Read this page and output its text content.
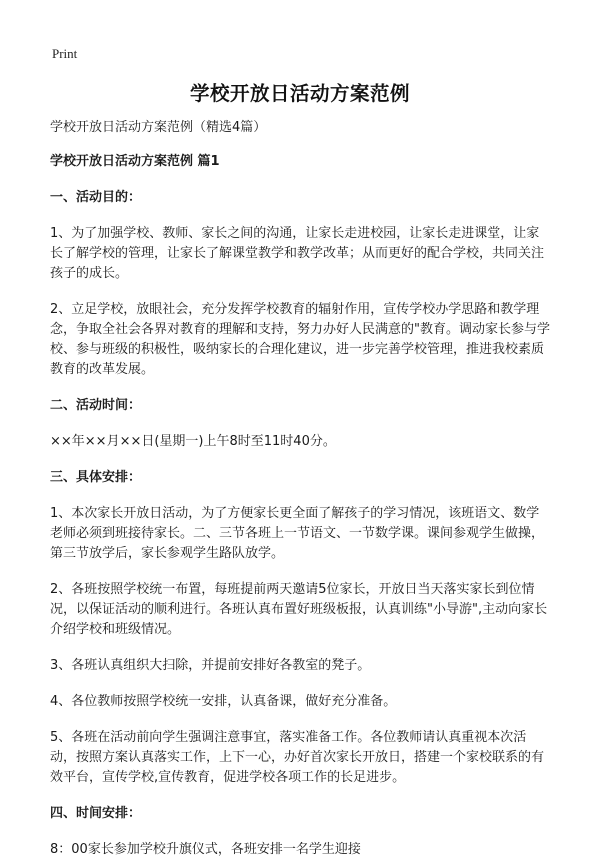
Print
学校开放日活动方案范例

学校开放日活动方案范例（精选4篇）

学校开放日活动方案范例 篇1

一、活动目的：

1、为了加强学校、教师、家长之间的沟通，让家长走进校园，让家长走进课堂，让家长了解学校的管理，让家长了解课堂教学和教学改革；从而更好的配合学校，共同关注孩子的成长。

2、立足学校，放眼社会，充分发挥学校教育的辐射作用，宣传学校办学思路和教学理念，争取全社会各界对教育的理解和支持，努力办好人民满意的"教育。调动家长参与学校、参与班级的积极性，吸纳家长的合理化建议，进一步完善学校管理，推进我校素质教育的改革发展。

二、活动时间：

××年××月××日(星期一)上午8时至11时40分。

三、具体安排：

1、本次家长开放日活动，为了方便家长更全面了解孩子的学习情况，该班语文、数学老师必须到班接待家长。二、三节各班上一节语文、一节数学课。课间参观学生做操，第三节放学后，家长参观学生路队放学。

2、各班按照学校统一布置，每班提前两天邀请5位家长，开放日当天落实家长到位情况，以保证活动的顺利进行。各班认真布置好班级板报，认真训练"小导游",主动向家长介绍学校和班级情况。

3、各班认真组织大扫除，并提前安排好各教室的凳子。

4、各位教师按照学校统一安排，认真备课，做好充分准备。

5、各班在活动前向学生强调注意事宜，落实准备工作。各位教师请认真重视本次活动，按照方案认真落实工作，上下一心，办好首次家长开放日，搭建一个家校联系的有效平台，宣传学校,宣传教育，促进学校各项工作的长足进步。

四、时间安排：

8：00家长参加学校升旗仪式，各班安排一名学生迎接
